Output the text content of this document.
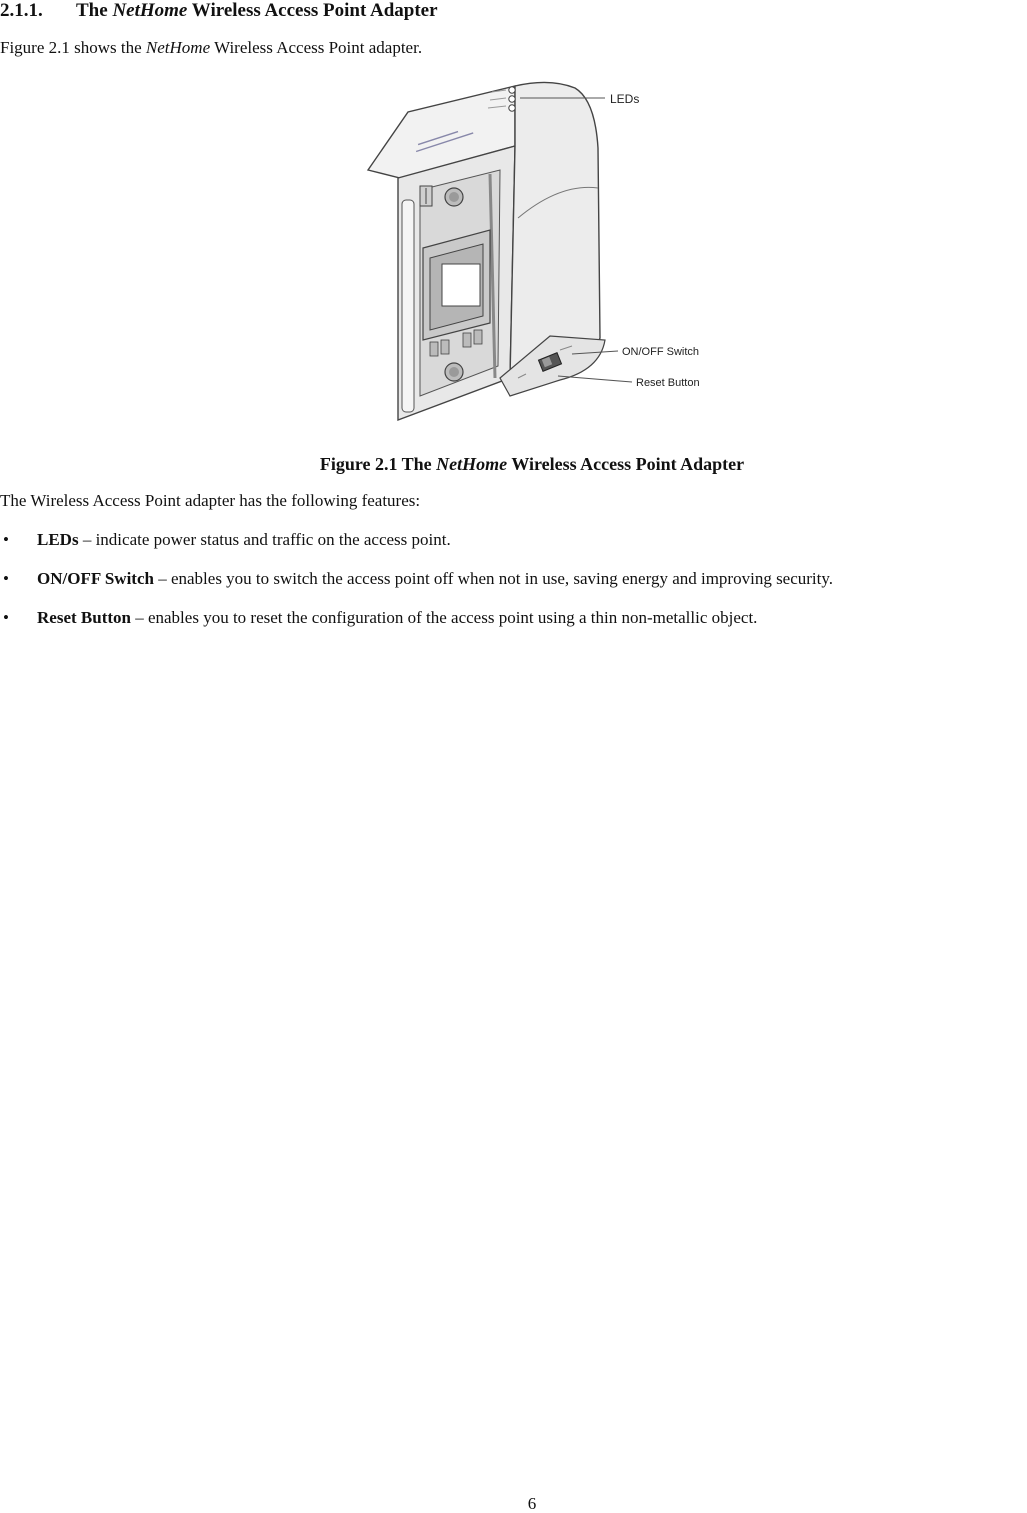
2.1.1. The NetHome Wireless Access Point Adapter

Figure 2.1 shows the NetHome Wireless Access Point adapter.

LEDs
ON/OFF Switch
Reset Button

Figure 2.1 The NetHome Wireless Access Point Adapter

The Wireless Access Point adapter has the following features:

• LEDs – indicate power status and traffic on the access point.
• ON/OFF Switch – enables you to switch the access point off when not in use, saving energy and improving security.
• Reset Button – enables you to reset the configuration of the access point using a thin non-metallic object.

6
